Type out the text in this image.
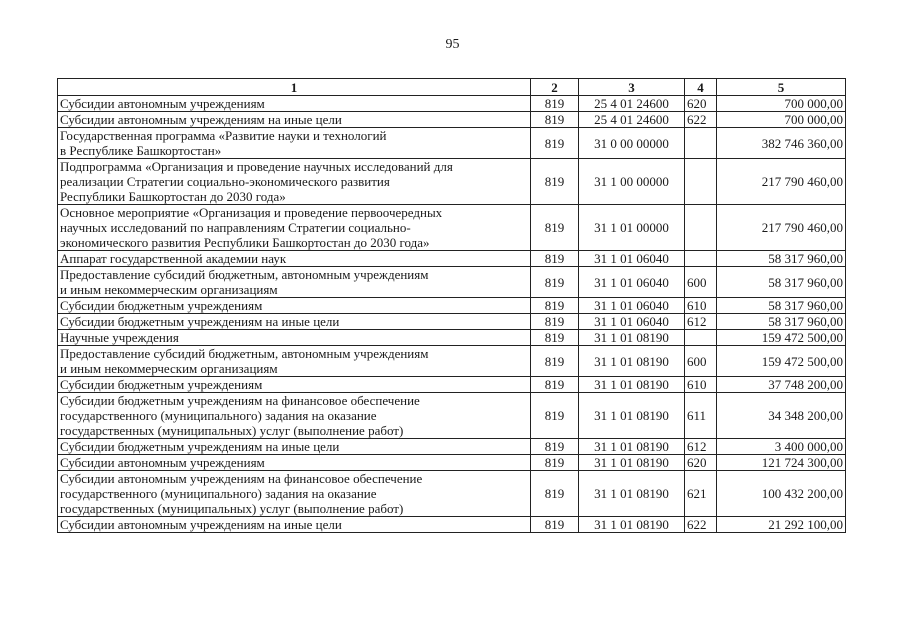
95
1	2	3	4	5
Субсидии автономным учреждениям	819	25 4 01 24600	620	700 000,00
Субсидии автономным учреждениям на иные цели	819	25 4 01 24600	622	700 000,00
Государственная программа «Развитие науки и технологий
в Республике Башкортостан»	819	31 0 00 00000		382 746 360,00
Подпрограмма «Организация и проведение научных исследований для
реализации Стратегии социально-экономического развития
Республики Башкортостан до 2030 года»	819	31 1 00 00000		217 790 460,00
Основное мероприятие «Организация и проведение первоочередных
научных исследований по направлениям Стратегии социально-
экономического развития Республики Башкортостан до 2030 года»	819	31 1 01 00000		217 790 460,00
Аппарат государственной академии наук	819	31 1 01 06040		58 317 960,00
Предоставление субсидий бюджетным, автономным учреждениям
и иным некоммерческим организациям	819	31 1 01 06040	600	58 317 960,00
Субсидии бюджетным учреждениям	819	31 1 01 06040	610	58 317 960,00
Субсидии бюджетным учреждениям на иные цели	819	31 1 01 06040	612	58 317 960,00
Научные учреждения	819	31 1 01 08190		159 472 500,00
Предоставление субсидий бюджетным, автономным учреждениям
и иным некоммерческим организациям	819	31 1 01 08190	600	159 472 500,00
Субсидии бюджетным учреждениям	819	31 1 01 08190	610	37 748 200,00
Субсидии бюджетным учреждениям на финансовое обеспечение
государственного (муниципального) задания на оказание
государственных (муниципальных) услуг (выполнение работ)	819	31 1 01 08190	611	34 348 200,00
Субсидии бюджетным учреждениям на иные цели	819	31 1 01 08190	612	3 400 000,00
Субсидии автономным учреждениям	819	31 1 01 08190	620	121 724 300,00
Субсидии автономным учреждениям на финансовое обеспечение
государственного (муниципального) задания на оказание
государственных (муниципальных) услуг (выполнение работ)	819	31 1 01 08190	621	100 432 200,00
Субсидии автономным учреждениям на иные цели	819	31 1 01 08190	622	21 292 100,00
